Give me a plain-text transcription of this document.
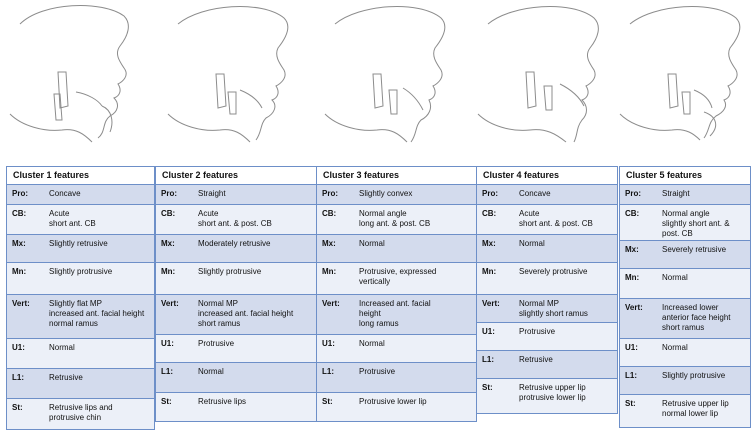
Cluster 1 features
Pro:	Concave
CB:	Acute
short ant. CB
Mx:	Slightly retrusive
Mn:	Slightly protrusive
Vert:	Slightly flat MP
increased ant. facial height
normal ramus
U1:	Normal
L1:	Retrusive
St:	Retrusive lips and
protrusive chin
Cluster 2 features
Pro:	Straight
CB:	Acute
short ant. & post. CB
Mx:	Moderately retrusive
Mn:	Slightly protrusive
Vert:	Normal MP
increased ant. facial height
short ramus
U1:	Protrusive
L1:	Normal
St:	Retrusive lips
Cluster 3 features
Pro:	Slightly convex
CB:	Normal angle
long ant. & post. CB
Mx:	Normal
Mn:	Protrusive, expressed
vertically
Vert:	Increased ant. facial
height
long ramus
U1:	Normal
L1:	Protrusive
St:	Protrusive lower lip
Cluster 4 features
Pro:	Concave
CB:	Acute
short ant. & post. CB
Mx:	Normal
Mn:	Severely protrusive
Vert:	Normal MP
slightly short ramus
U1:	Protrusive
L1:	Retrusive
St:	Retrusive upper lip
protrusive lower lip
Cluster 5 features
Pro:	Straight
CB:	Normal angle
slightly short ant. &
post. CB
Mx:	Severely retrusive
Mn:	Normal
Vert:	Increased lower
anterior face height
short ramus
U1:	Normal
L1:	Slightly protrusive
St:	Retrusive upper lip
normal lower lip
